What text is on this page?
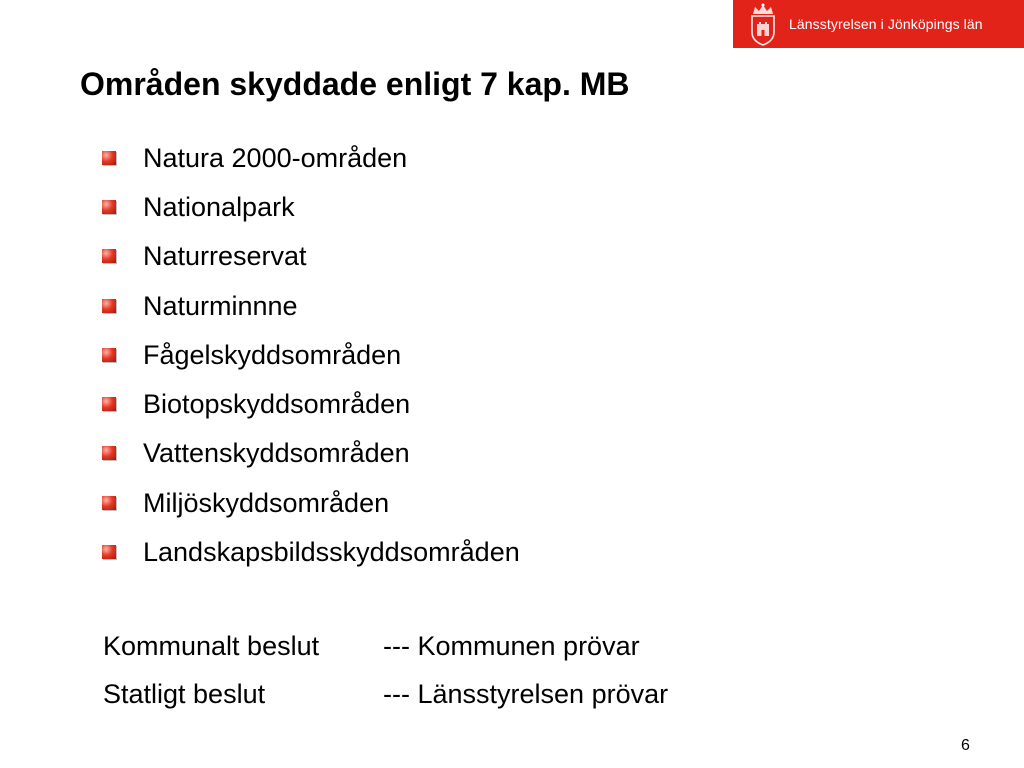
Länsstyrelsen i Jönköpings län
Områden skyddade enligt 7 kap. MB
Natura 2000-områden
Nationalpark
Naturreservat
Naturminnne
Fågelskyddsområden
Biotopskyddsområden
Vattenskyddsområden
Miljöskyddsområden
Landskapsbildsskyddsområden
Kommunalt beslut --- Kommunen prövar
Statligt beslut	--- Länsstyrelsen prövar
6
